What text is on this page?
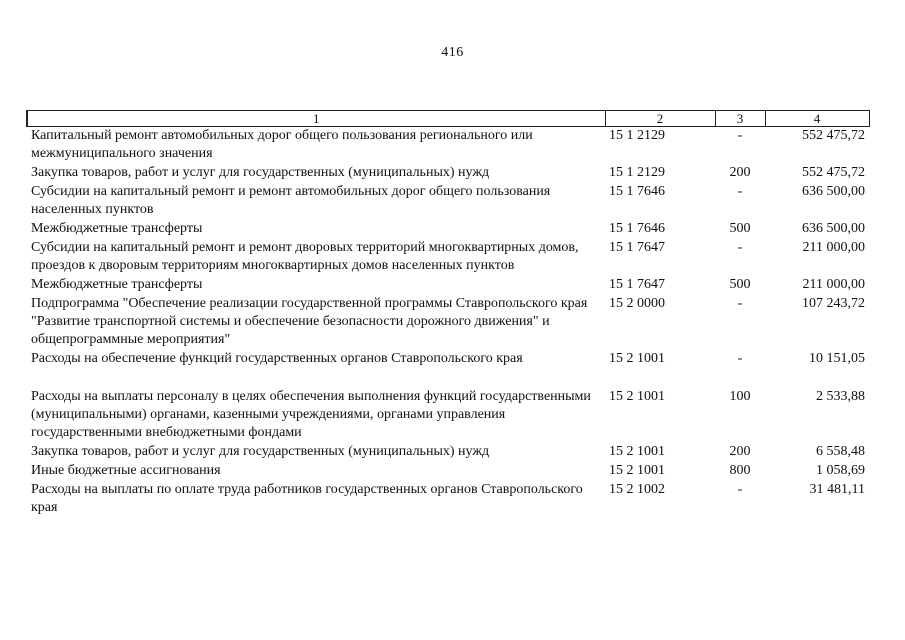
416
1	2	3	4
Капитальный ремонт автомобильных дорог общего пользования регионального или межмуниципального значения	15 1 2129	-	552 475,72
Закупка товаров, работ и услуг для государственных (муниципальных) нужд	15 1 2129	200	552 475,72
Субсидии на капитальный ремонт и ремонт автомобильных дорог общего пользования населенных пунктов	15 1 7646	-	636 500,00
Межбюджетные трансферты	15 1 7646	500	636 500,00
Субсидии на капитальный ремонт и ремонт дворовых территорий многоквартирных домов, проездов к дворовым территориям многоквартирных домов населенных пунктов	15 1 7647	-	211 000,00
Межбюджетные трансферты	15 1 7647	500	211 000,00
Подпрограмма "Обеспечение реализации государственной программы Ставропольского края "Развитие транспортной системы и обеспечение безопасности дорожного движения" и общепрограммные мероприятия"	15 2 0000	-	107 243,72
Расходы на обеспечение функций государственных органов Ставропольского края	15 2 1001	-	10 151,05
Расходы на выплаты персоналу в целях обеспечения выполнения функций государственными (муниципальными) органами, казенными учреждениями, органами управления государственными внебюджетными фондами	15 2 1001	100	2 533,88
Закупка товаров, работ и услуг для государственных (муниципальных) нужд	15 2 1001	200	6 558,48
Иные бюджетные ассигнования	15 2 1001	800	1 058,69
Расходы на выплаты по оплате труда работников государственных органов Ставропольского края	15 2 1002	-	31 481,11
